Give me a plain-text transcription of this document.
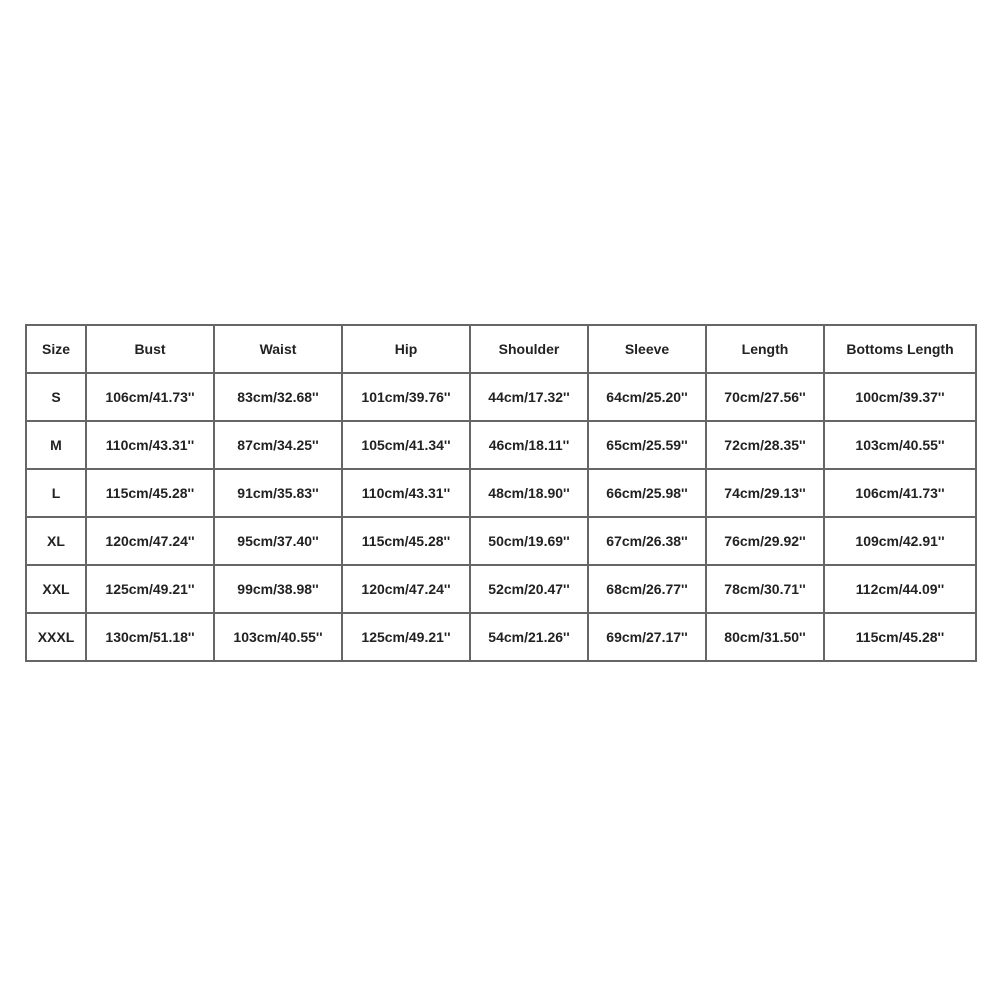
Size	Bust	Waist	Hip	Shoulder	Sleeve	Length	Bottoms Length
S	106cm/41.73''	83cm/32.68''	101cm/39.76''	44cm/17.32''	64cm/25.20''	70cm/27.56''	100cm/39.37''
M	110cm/43.31''	87cm/34.25''	105cm/41.34''	46cm/18.11''	65cm/25.59''	72cm/28.35''	103cm/40.55''
L	115cm/45.28''	91cm/35.83''	110cm/43.31''	48cm/18.90''	66cm/25.98''	74cm/29.13''	106cm/41.73''
XL	120cm/47.24''	95cm/37.40''	115cm/45.28''	50cm/19.69''	67cm/26.38''	76cm/29.92''	109cm/42.91''
XXL	125cm/49.21''	99cm/38.98''	120cm/47.24''	52cm/20.47''	68cm/26.77''	78cm/30.71''	112cm/44.09''
XXXL	130cm/51.18''	103cm/40.55''	125cm/49.21''	54cm/21.26''	69cm/27.17''	80cm/31.50''	115cm/45.28''
